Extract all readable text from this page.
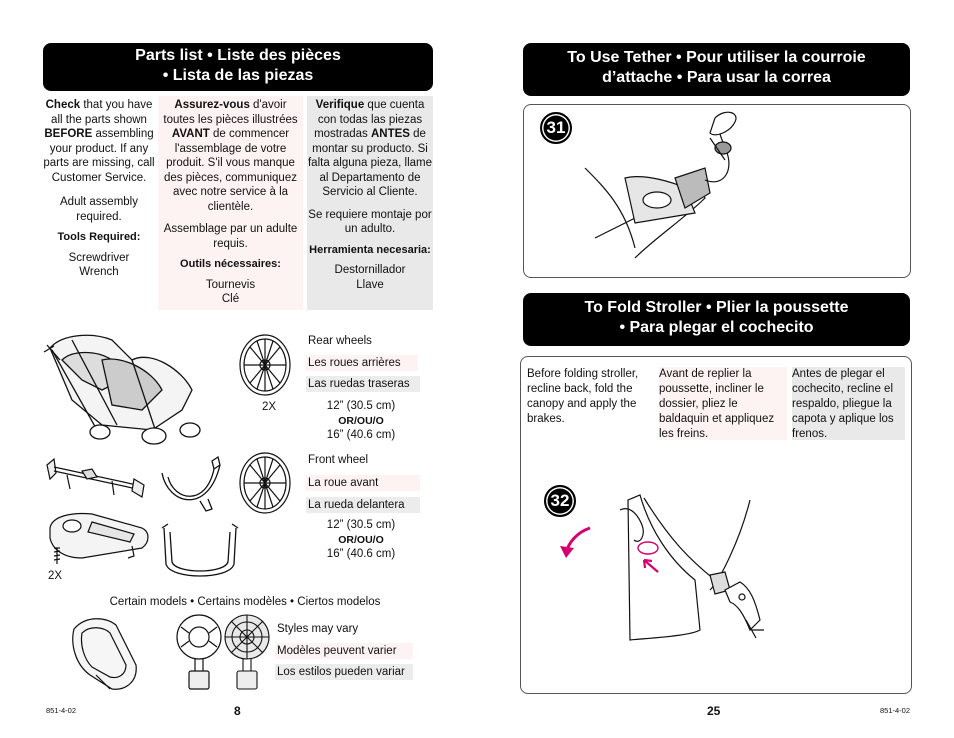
Parts list • Liste des pièces
• Lista de las piezas

Check that you have all the parts shown BEFORE assembling your product. If any parts are missing, call Customer Service.

Adult assembly required.

Tools Required:

Screwdriver
Wrench

Assurez-vous d'avoir toutes les pièces illustrées AVANT de commencer l'assemblage de votre produit. S'il vous manque des pièces, communiquez avec notre service à la clientèle.

Assemblage par un adulte requis.

Outils nécessaires:

Tournevis
Clé

Verifique que cuenta con todas las piezas mostradas ANTES de montar su producto. Si falta alguna pieza, llame al Departamento de Servicio al Cliente.

Se requiere montaje por un adulto.

Herramienta necesaria:

Destornillador
Llave
2X
Rear wheels
Les roues arrières
Las ruedas traseras
12” (30.5 cm)
OR/OU/O
16” (40.6 cm)
Front wheel
La roue avant
La rueda delantera
12” (30.5 cm)
OR/OU/O
16” (40.6 cm)
2X
Certain models • Certains modèles • Ciertos modelos
Styles may vary
Modèles peuvent varier
Los estilos pueden variar
851-4-02	8
To Use Tether • Pour utiliser la courroie
d’attache • Para usar la correa
31
To Fold Stroller • Plier la poussette
• Para plegar el cochecito
Before folding stroller, recline back, fold the canopy and apply the brakes.
Avant de replier la poussette, incliner le dossier, pliez le baldaquin et appliquez les freins.
Antes de plegar el cochecito, recline el respaldo, pliegue la capota y aplique los frenos.
32
25	851-4-02
